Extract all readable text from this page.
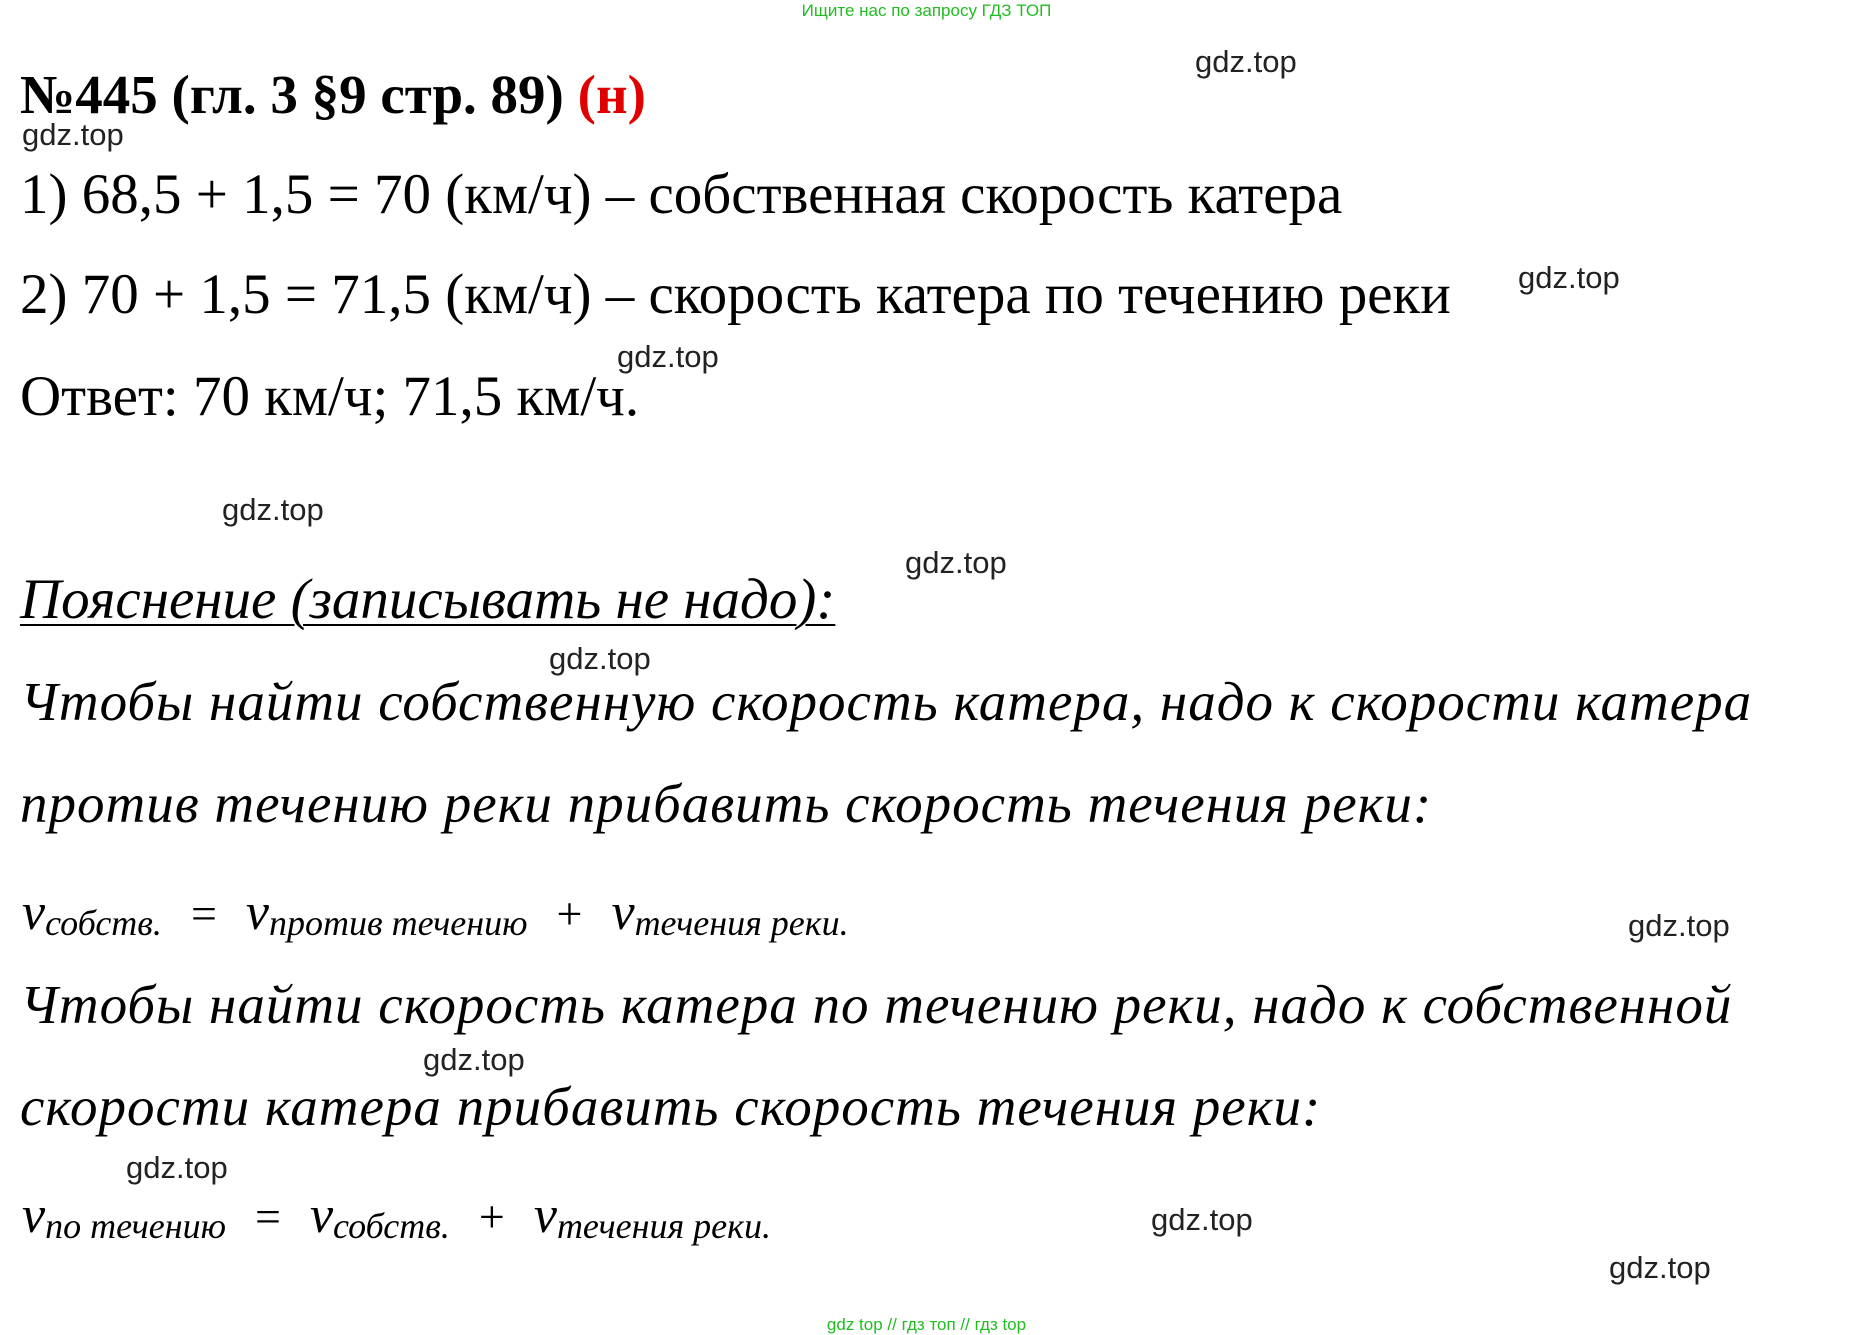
Ищите нас по запросу ГДЗ ТОП
№445 (гл. 3 §9 стр. 89) (н)
1) 68,5 + 1,5 = 70 (км/ч) – собственная скорость катера
2) 70 + 1,5 = 71,5 (км/ч) – скорость катера по течению реки
Ответ: 70 км/ч; 71,5 км/ч.
Пояснение (записывать не надо):
Чтобы найти собственную скорость катера, надо к скорости катера
против течению реки прибавить скорость течения реки:
$v_{собств.} = v_{против течению} + v_{течения реки.}$
Чтобы найти скорость катера по течению реки, надо к собственной
скорости катера прибавить скорость течения реки:
$v_{по течению} = v_{собств.} + v_{течения реки.}$
gdz.top
gdz.top
gdz.top
gdz.top
gdz.top
gdz.top
gdz.top
gdz.top
gdz.top
gdz.top
gdz.top
gdz.top
gdz top // гдз топ // гдз top
